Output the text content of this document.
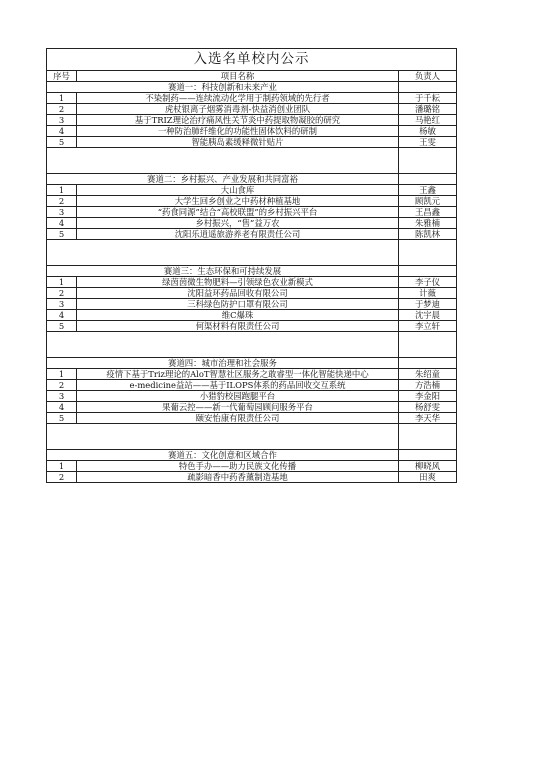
入选名单校内公示		
序号	项目名称	负责人
赛道一：科技创新和未来产业		
1	不染制药——连续流动化学用于制药领域的先行者	于千耘
2	虎杖银离子烟雾消毒剂-快益消创业团队	潘璐铭
3	基于TRIZ理论治疗痛风性关节炎中药提取物凝胶的研究	马艳红
4	一种防治肺纤维化的功能性固体饮料的研制	杨敏
5	智能胰岛素缓释微针贴片	王雯

赛道二：乡村振兴、产业发展和共同富裕		
1	大山食库	王鑫
2	大学生回乡创业之中药材种植基地	顾凯元
3	“药食同源”结合“高校联盟”的乡村振兴平台	王昌鑫
4	乡村振兴，“售”益万农	朱雅楠
5	沈阳乐逍遥旅游养老有限责任公司	陈凯林

赛道三：生态环保和可持续发展		
1	绿茵茵微生物肥料—引领绿色农业新模式	李子仪
2	沈阳益环药品回收有限公司	计薇
3	三科绿色防护口罩有限公司	于梦迪
4	维C爆珠	沈宇晨
5	何渠材料有限责任公司	李立轩

赛道四：城市治理和社会服务		
1	疫情下基于Triz理论的AloT智慧社区服务之敢睿型一体化智能快递中心	朱绍童
2	e-medicine益站——基于ILOPS体系的药品回收交互系统	方浩楠
3	小猎豹校园跑腿平台	李金阳
4	果葡云控——新一代葡萄园顾问服务平台	杨舒雯
5	颐安怡康有限责任公司	李天华

赛道五：文化创意和区域合作		
1	特色手办——助力民族文化传播	柳晓风
2	疏影暗香中药香薰制造基地	田爽
